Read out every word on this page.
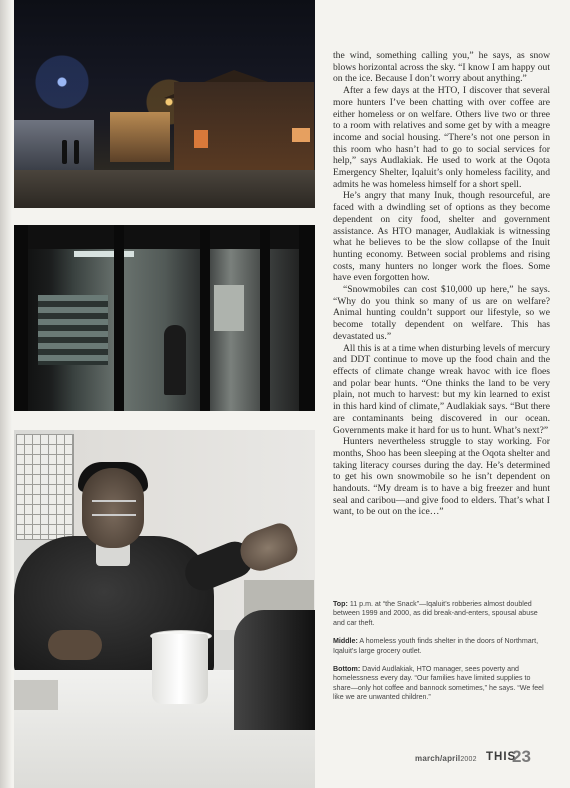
the wind, something calling you,” he says, as snow blows horizontal across the sky. “I know I am happy out on the ice. Because I don’t worry about anything.”

After a few days at the HTO, I discover that several more hunters I’ve been chatting with over coffee are either homeless or on welfare. Others live two or three to a room with relatives and some get by with a meagre income and social housing. “There’s not one person in this room who hasn’t had to go to social services for help,” says Audlakiak. He used to work at the Oqota Emergency Shelter, Iqaluit’s only homeless facility, and admits he was homeless himself for a short spell.

He’s angry that many Inuk, though resourceful, are faced with a dwindling set of options as they become dependent on city food, shelter and government assistance. As HTO manager, Audlakiak is witnessing what he believes to be the slow collapse of the Inuit hunting economy. Between social problems and rising costs, many hunters no longer work the floes. Some have even forgotten how.

“Snowmobiles can cost $10,000 up here,” he says. “Why do you think so many of us are on welfare? Animal hunting couldn’t support our lifestyle, so we become totally dependent on welfare. This has devastated us.”

All this is at a time when disturbing levels of mercury and DDT continue to move up the food chain and the effects of climate change wreak havoc with ice floes and polar bear hunts. “One thinks the land to be very plain, not much to harvest: but my kin learned to exist in this hard kind of climate,” Audlakiak says. “But there are contaminants being discovered in our ocean. Governments make it hard for us to hunt. What’s next?”

Hunters nevertheless struggle to stay working. For months, Shoo has been sleeping at the Oqota shelter and taking literacy courses during the day. He’s determined to get his own snowmobile so he isn’t dependent on handouts. “My dream is to have a big freezer and hunt seal and caribou—and give food to elders. That’s what I want, to be out on the ice…”

Top: 11 p.m. at “the Snack”—Iqaluit’s robberies almost doubled between 1999 and 2000, as did break-and-enters, spousal abuse and car theft.

Middle: A homeless youth finds shelter in the doors of Northmart, Iqaluit’s large grocery outlet.

Bottom: David Audlakiak, HTO manager, sees poverty and homelessness every day. “Our families have limited supplies to share—only hot coffee and bannock sometimes,” he says. “We feel like we are unwanted children.”

march/april2002 THIS
23
